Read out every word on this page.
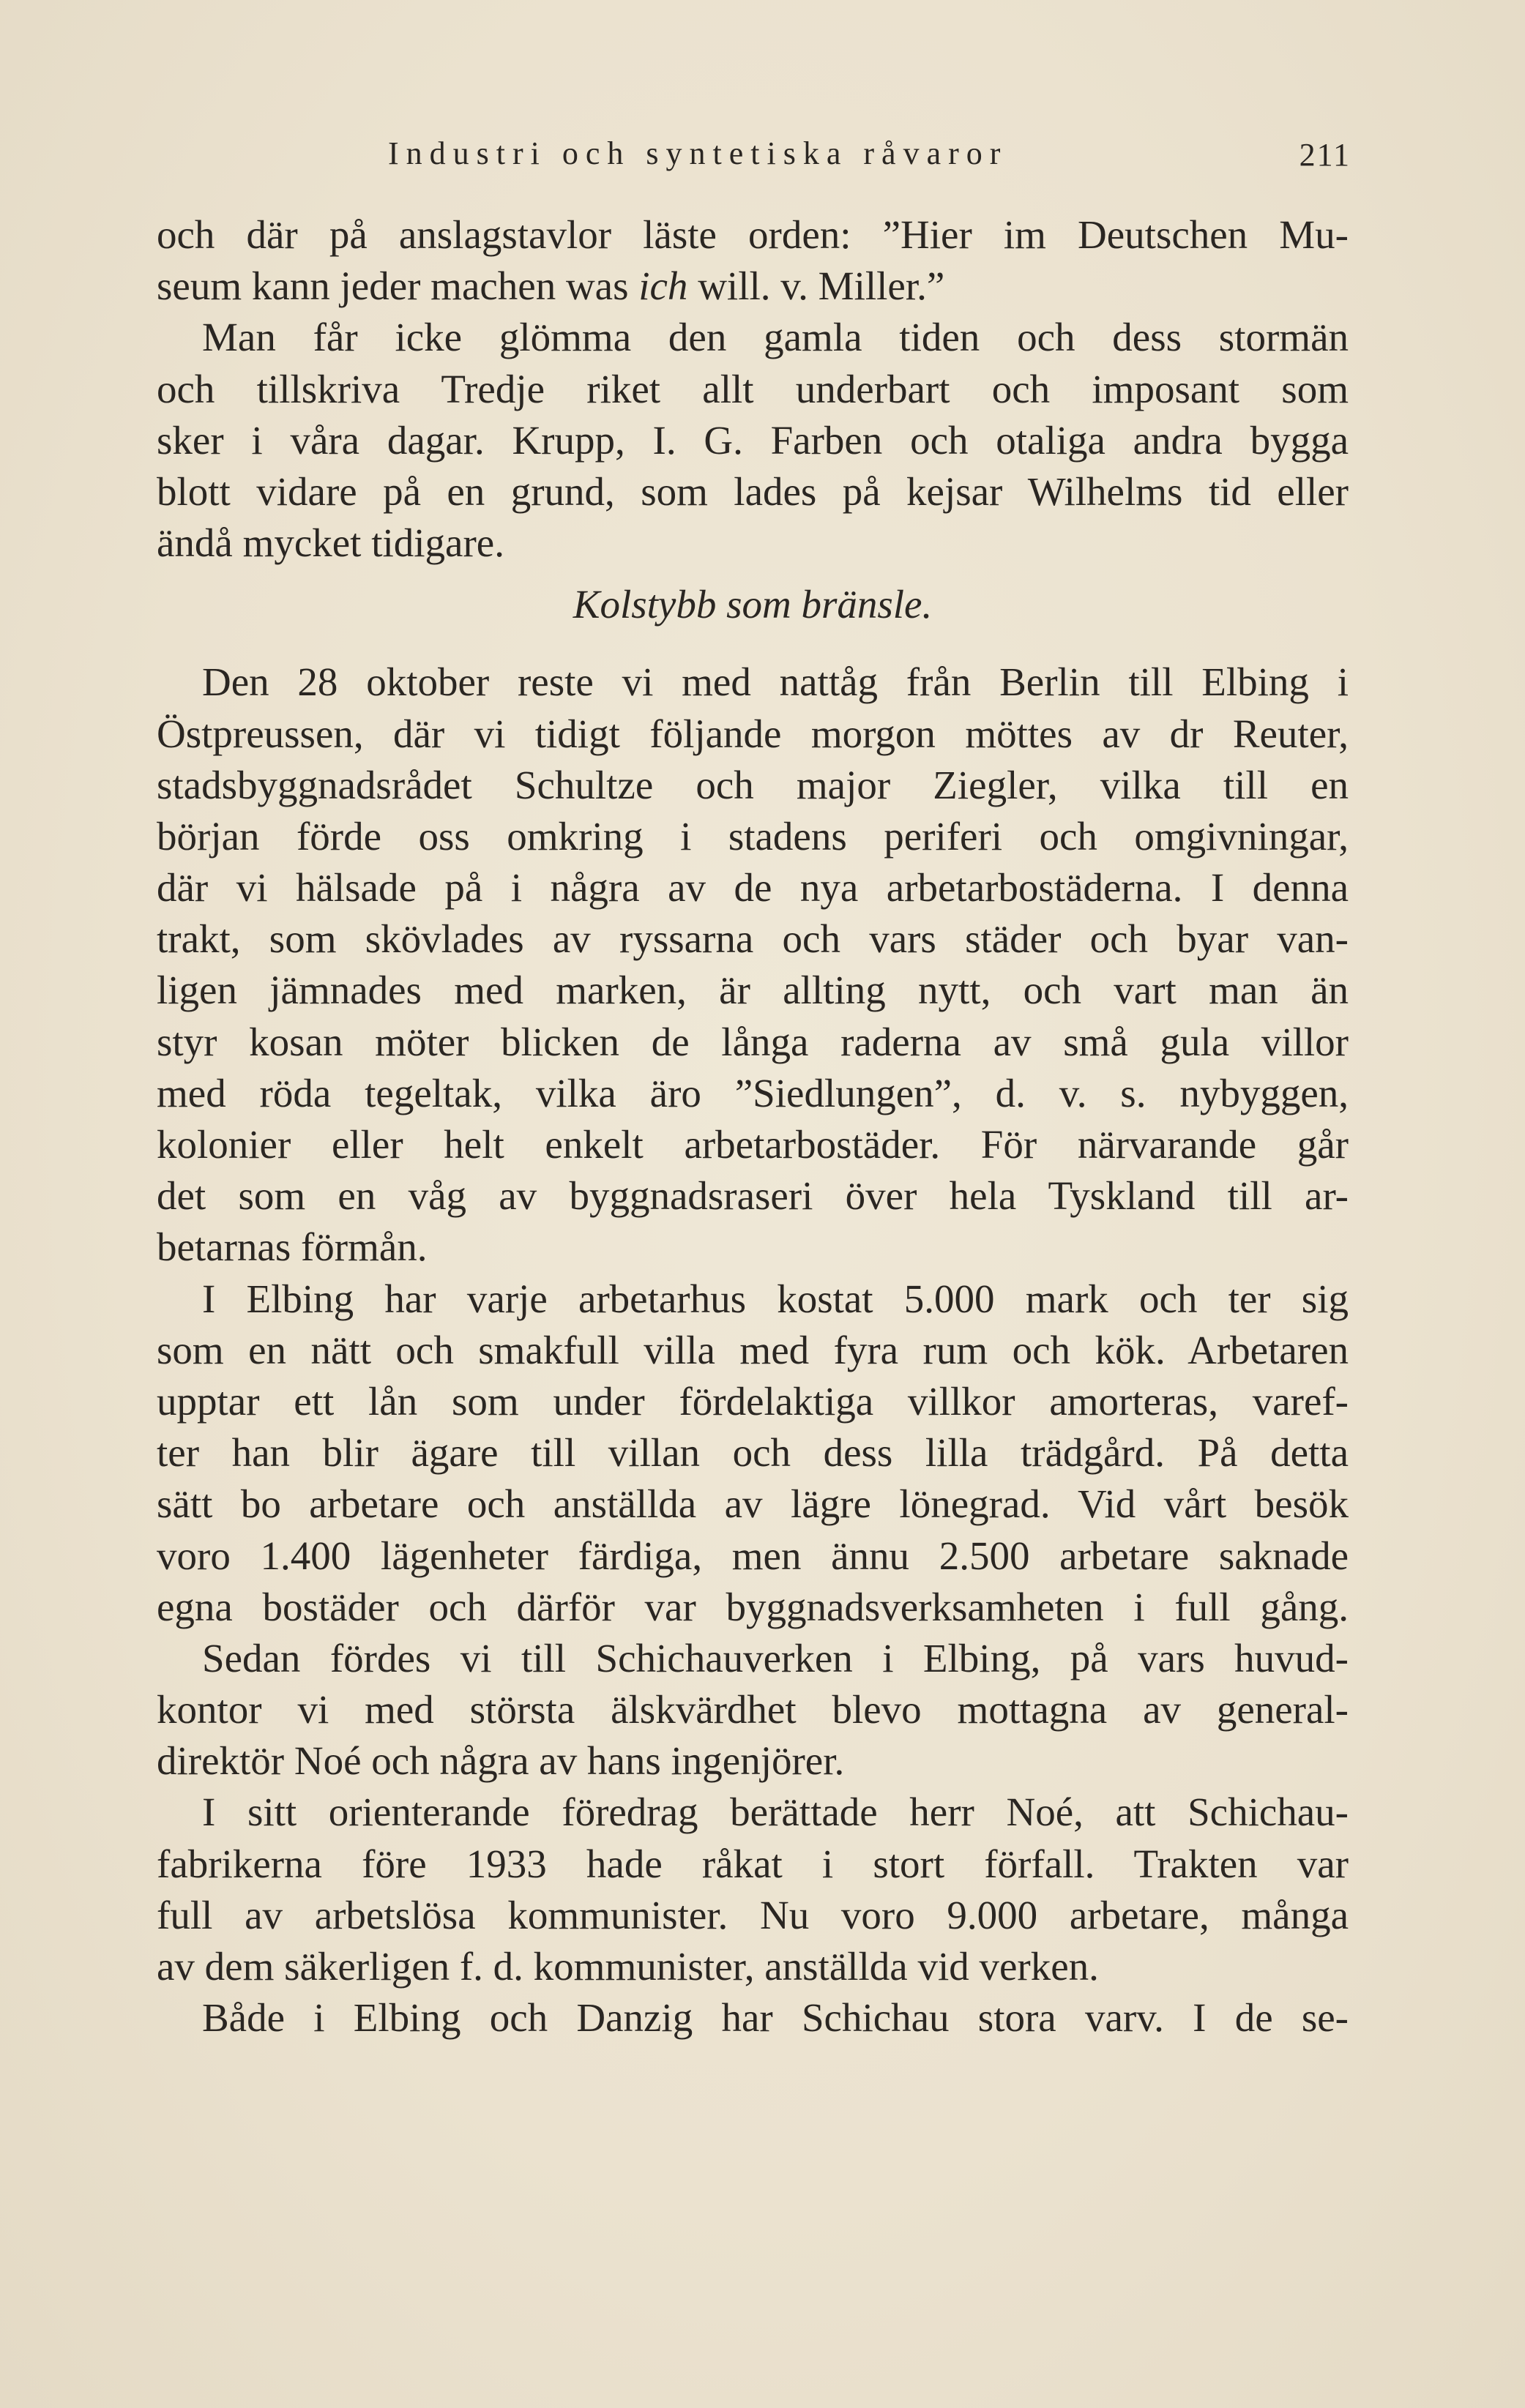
Industri och syntetiska råvaror	211
och där på anslagstavlor läste orden: ”Hier im Deutschen Mu-
seum kann jeder machen was ich will. v. Miller.”
Man får icke glömma den gamla tiden och dess stormän
och tillskriva Tredje riket allt underbart och imposant som
sker i våra dagar. Krupp, I. G. Farben och otaliga andra bygga
blott vidare på en grund, som lades på kejsar Wilhelms tid eller
ändå mycket tidigare.
Kolstybb som bränsle.
Den 28 oktober reste vi med nattåg från Berlin till Elbing i
Östpreussen, där vi tidigt följande morgon möttes av dr Reuter,
stadsbyggnadsrådet Schultze och major Ziegler, vilka till en
början förde oss omkring i stadens periferi och omgivningar,
där vi hälsade på i några av de nya arbetarbostäderna. I denna
trakt, som skövlades av ryssarna och vars städer och byar van-
ligen jämnades med marken, är allting nytt, och vart man än
styr kosan möter blicken de långa raderna av små gula villor
med röda tegeltak, vilka äro ”Siedlungen”, d. v. s. nybyggen,
kolonier eller helt enkelt arbetarbostäder. För närvarande går
det som en våg av byggnadsraseri över hela Tyskland till ar-
betarnas förmån.
I Elbing har varje arbetarhus kostat 5.000 mark och ter sig
som en nätt och smakfull villa med fyra rum och kök. Arbetaren
upptar ett lån som under fördelaktiga villkor amorteras, varef-
ter han blir ägare till villan och dess lilla trädgård. På detta
sätt bo arbetare och anställda av lägre lönegrad. Vid vårt besök
voro 1.400 lägenheter färdiga, men ännu 2.500 arbetare saknade
egna bostäder och därför var byggnadsverksamheten i full gång.
Sedan fördes vi till Schichauverken i Elbing, på vars huvud-
kontor vi med största älskvärdhet blevo mottagna av general-
direktör Noé och några av hans ingenjörer.
I sitt orienterande föredrag berättade herr Noé, att Schichau-
fabrikerna före 1933 hade råkat i stort förfall. Trakten var
full av arbetslösa kommunister. Nu voro 9.000 arbetare, många
av dem säkerligen f. d. kommunister, anställda vid verken.
Både i Elbing och Danzig har Schichau stora varv. I de se-
